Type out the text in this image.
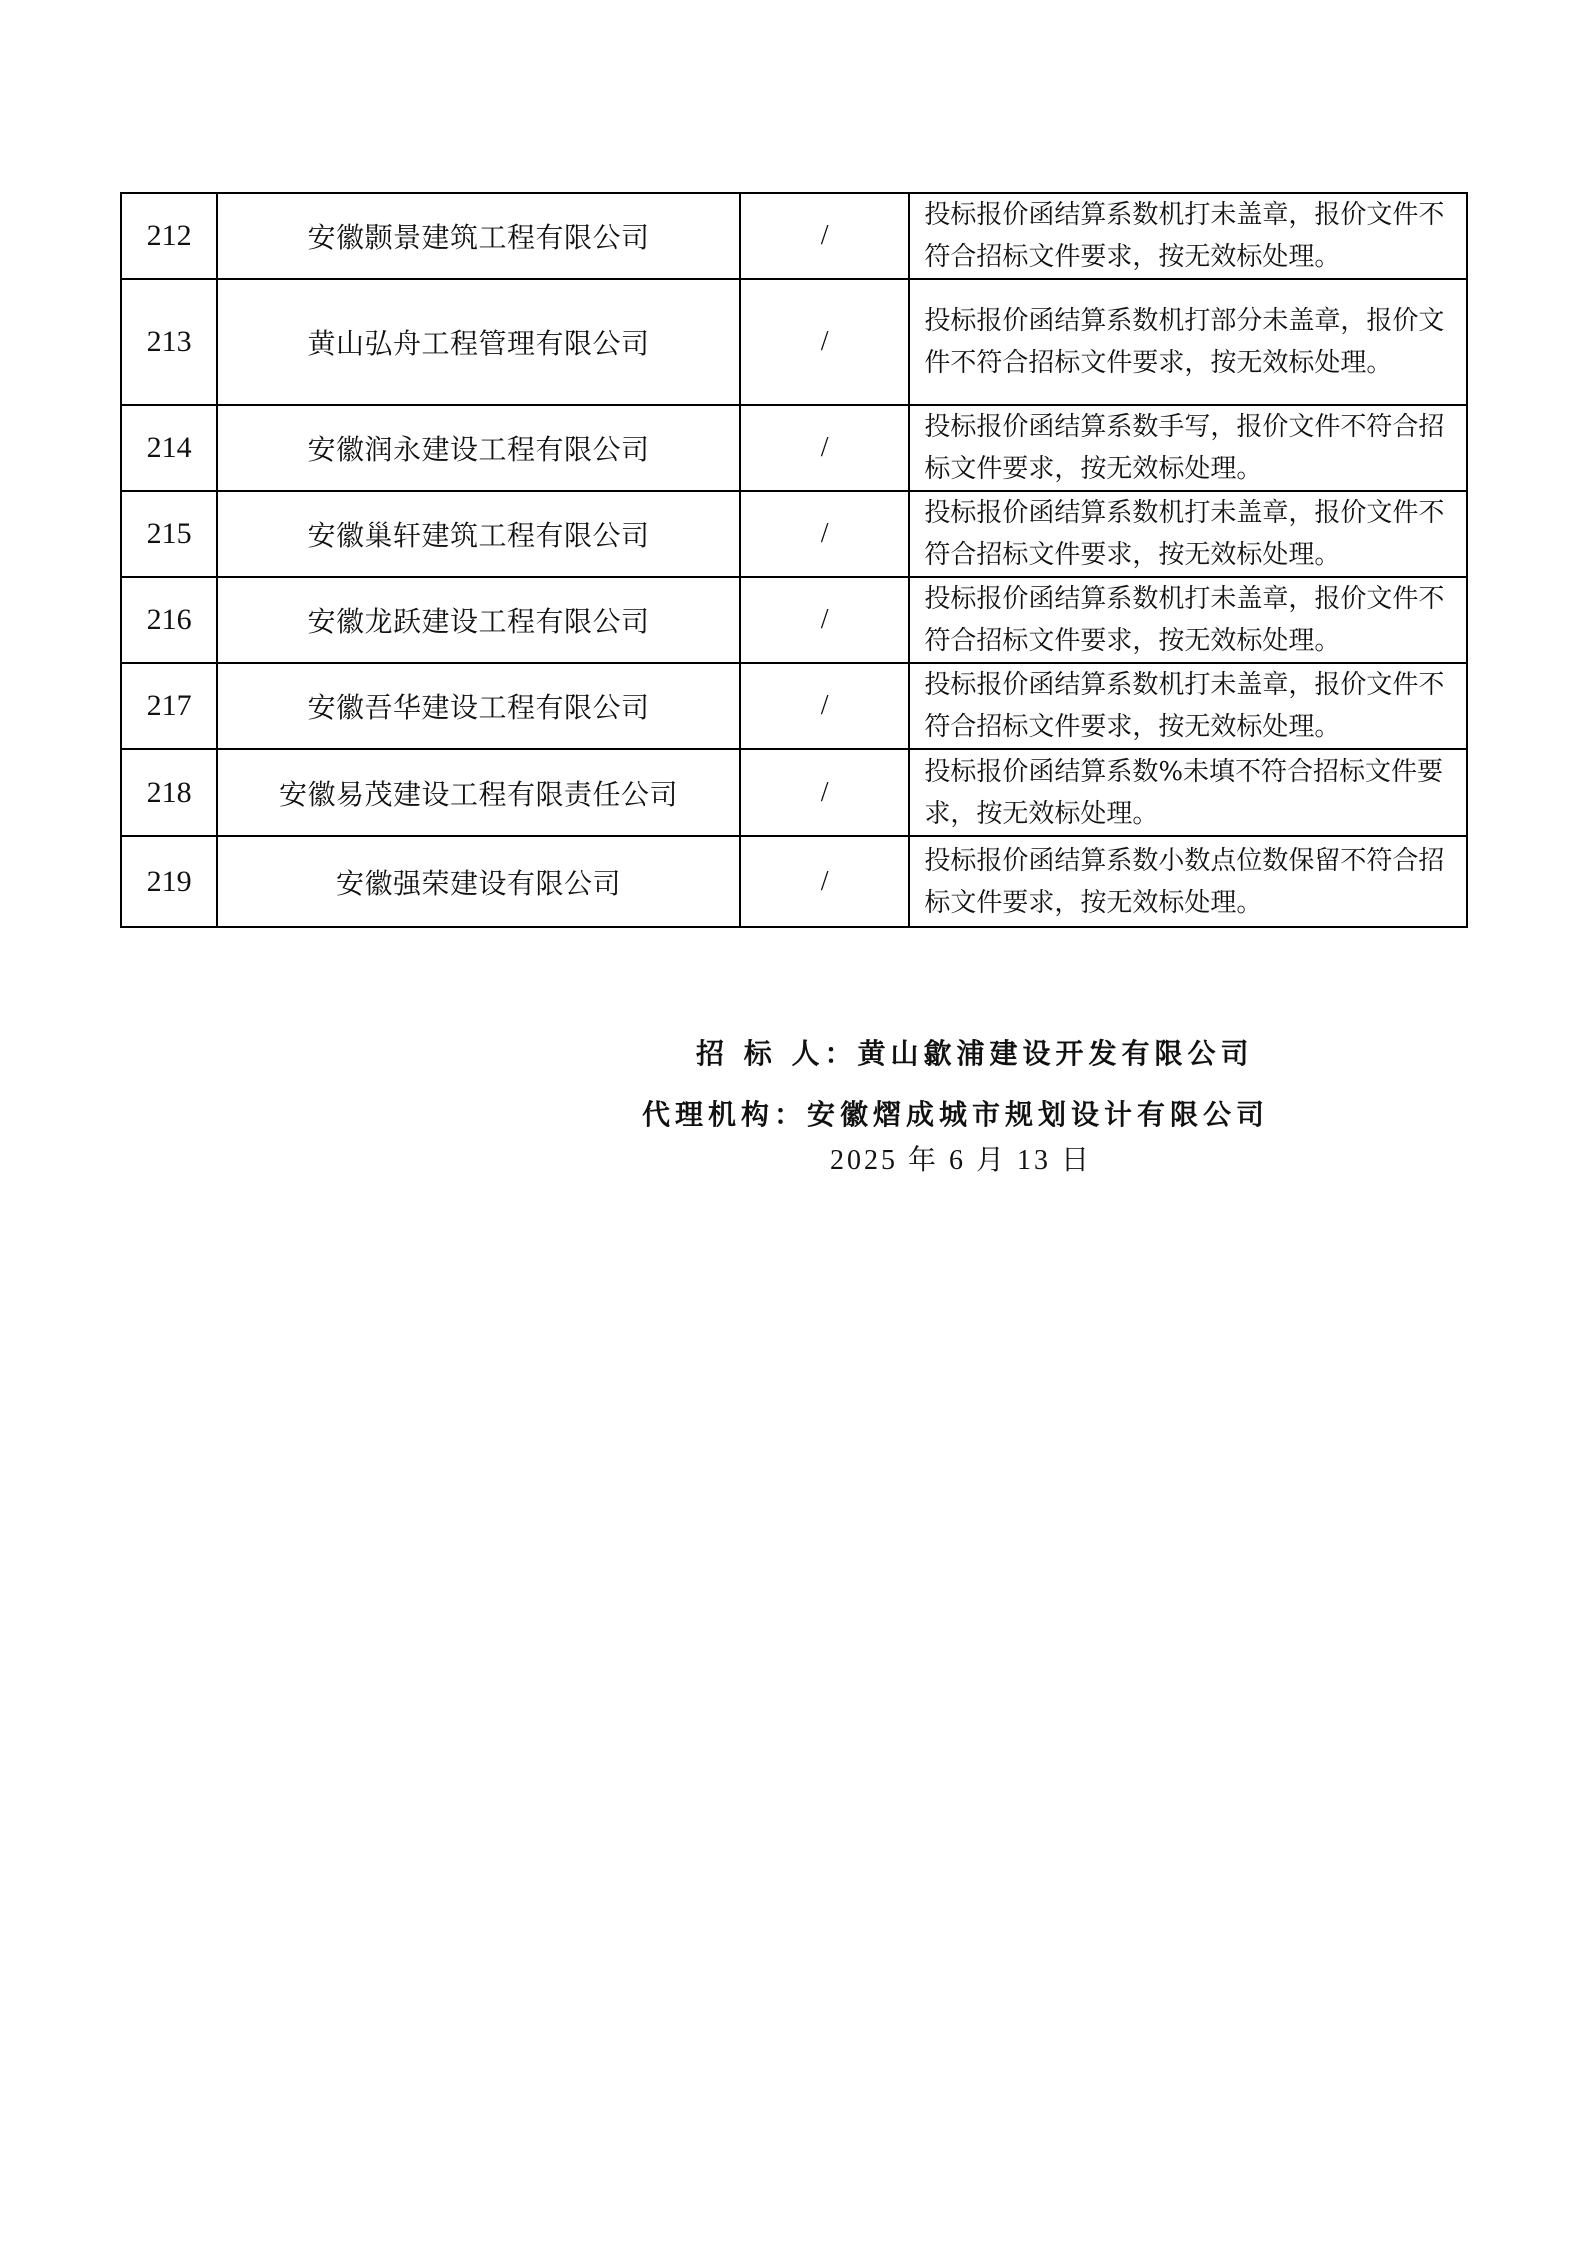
212	安徽颢景建筑工程有限公司	/	投标报价函结算系数机打未盖章，报价文件不符合招标文件要求，按无效标处理。
213	黄山弘舟工程管理有限公司	/	投标报价函结算系数机打部分未盖章，报价文件不符合招标文件要求，按无效标处理。
214	安徽润永建设工程有限公司	/	投标报价函结算系数手写，报价文件不符合招标文件要求，按无效标处理。
215	安徽巢轩建筑工程有限公司	/	投标报价函结算系数机打未盖章，报价文件不符合招标文件要求，按无效标处理。
216	安徽龙跃建设工程有限公司	/	投标报价函结算系数机打未盖章，报价文件不符合招标文件要求，按无效标处理。
217	安徽吾华建设工程有限公司	/	投标报价函结算系数机打未盖章，报价文件不符合招标文件要求，按无效标处理。
218	安徽易茂建设工程有限责任公司	/	投标报价函结算系数%未填不符合招标文件要求，按无效标处理。
219	安徽强荣建设有限公司	/	投标报价函结算系数小数点位数保留不符合招标文件要求，按无效标处理。
招 标 人：黄山歙浦建设开发有限公司
代理机构：安徽熠成城市规划设计有限公司
2025 年 6 月 13 日
